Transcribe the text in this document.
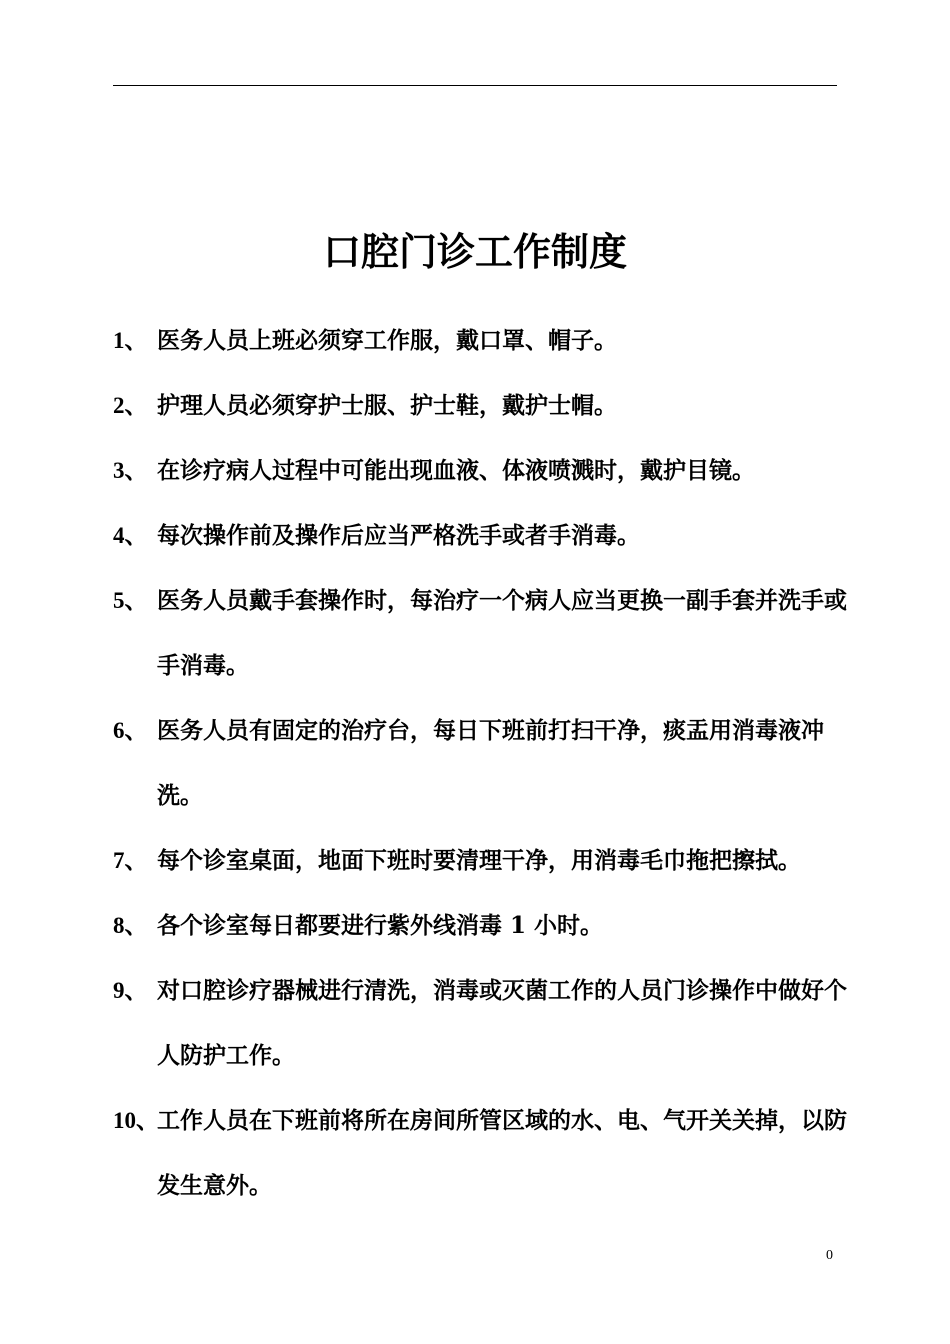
口腔门诊工作制度
1、 医务人员上班必须穿工作服，戴口罩、帽子。
2、 护理人员必须穿护士服、护士鞋，戴护士帽。
3、 在诊疗病人过程中可能出现血液、体液喷溅时，戴护目镜。
4、 每次操作前及操作后应当严格洗手或者手消毒。
5、 医务人员戴手套操作时，每治疗一个病人应当更换一副手套并洗手或手消毒。
6、 医务人员有固定的治疗台，每日下班前打扫干净，痰盂用消毒液冲洗。
7、 每个诊室桌面，地面下班时要清理干净，用消毒毛巾拖把擦拭。
8、 各个诊室每日都要进行紫外线消毒 1 小时。
9、 对口腔诊疗器械进行清洗，消毒或灭菌工作的人员门诊操作中做好个人防护工作。
10、
工作人员在下班前将所在房间所管区域的水、电、气开关关掉，以防发生意外。
0
